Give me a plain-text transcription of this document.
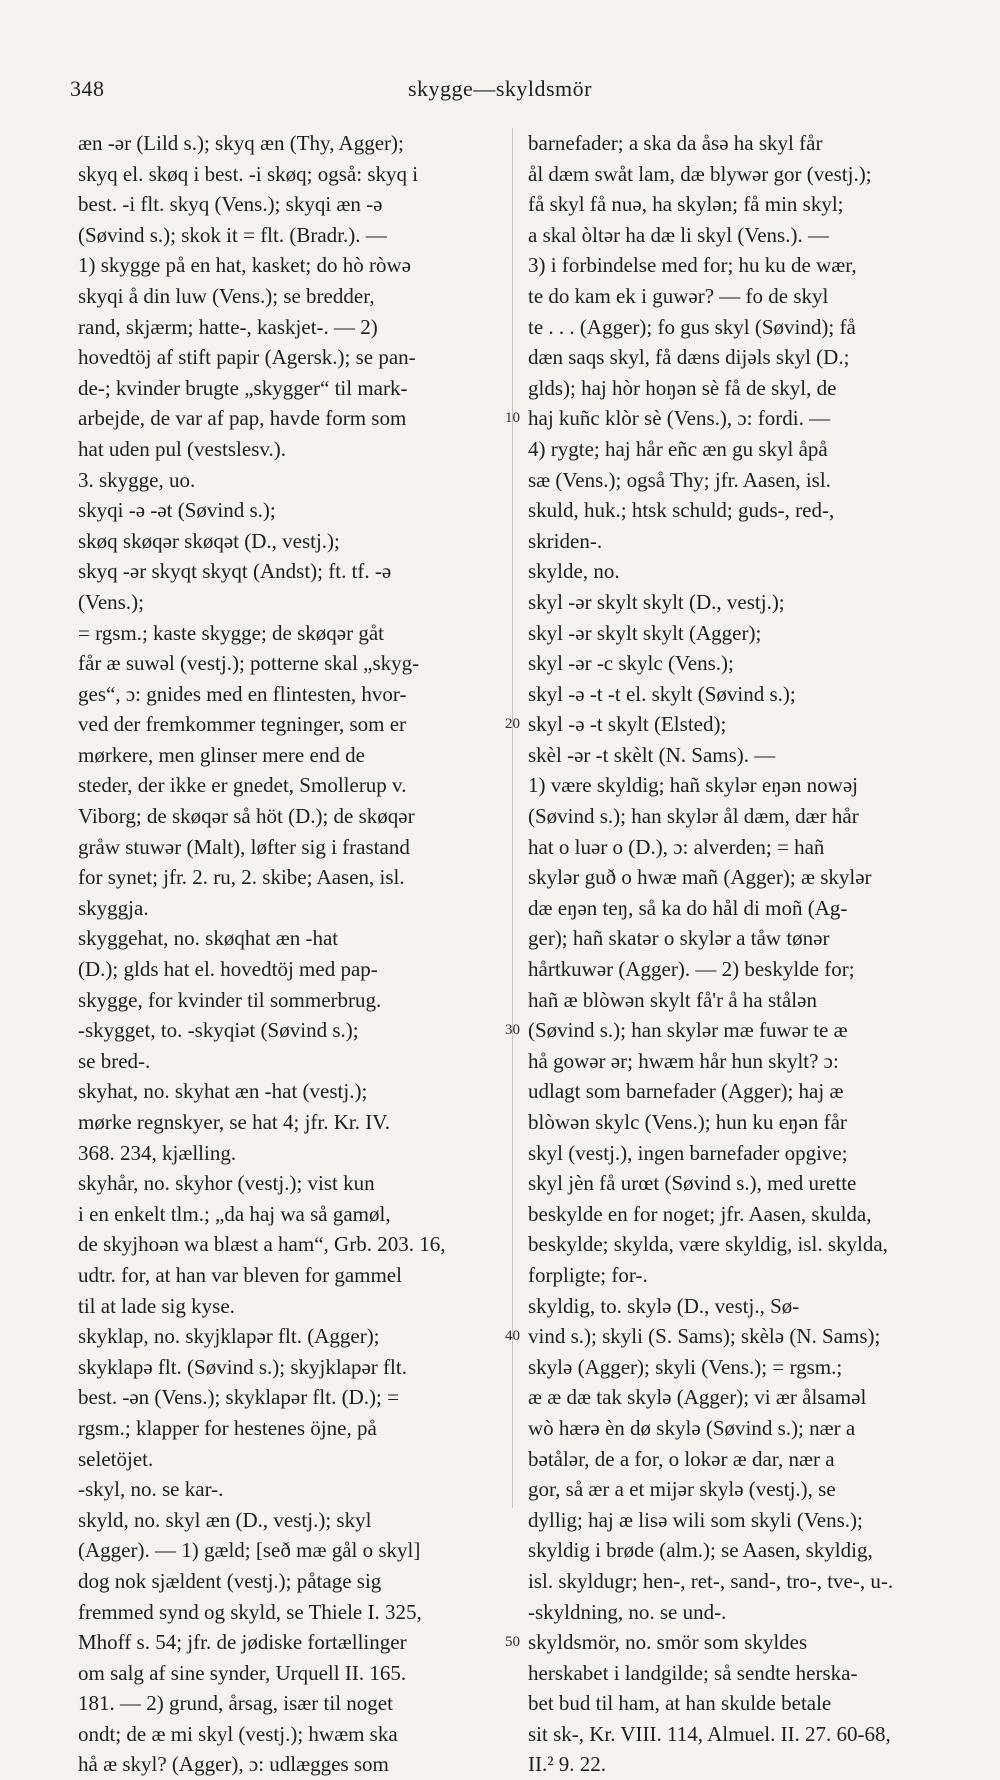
348	skygge—skyldsmör
æn -ər (Lild s.); skyq æn (Thy, Agger);
skyq el. skøq i best. -i skøq; også: skyq i
best. -i flt. skyq (Vens.); skyqi æn -ə
(Søvind s.); skok it = flt. (Bradr.). —
1) skygge på en hat, kasket; do hò ròwə
skyqi å din luw (Vens.); se bredder,
rand, skjærm; hatte-, kaskjet-. — 2)
hovedtöj af stift papir (Agersk.); se pan-
de-; kvinder brugte „skygger“ til mark-
arbejde, de var af pap, havde form som
hat uden pul (vestslesv.).
3. skygge, uo.
skyqi -ə -ət (Søvind s.);
skøq skøqər skøqət (D., vestj.);
skyq -ər skyqt skyqt (Andst); ft. tf. -ə
(Vens.);
= rgsm.; kaste skygge; de skøqər gåt
får æ suwəl (vestj.); potterne skal „skyg-
ges“, ɔ: gnides med en flintesten, hvor-
ved der fremkommer tegninger, som er
mørkere, men glinser mere end de
steder, der ikke er gnedet, Smollerup v.
Viborg; de skøqər så höt (D.); de skøqər
gråw stuwər (Malt), løfter sig i frastand
for synet; jfr. 2. ru, 2. skibe; Aasen, isl.
skyggja.
skyggehat, no. skøqhat æn -hat
(D.); glds hat el. hovedtöj med pap-
skygge, for kvinder til sommerbrug.
-skygget, to. -skyqiət (Søvind s.);
se bred-.
skyhat, no. skyhat æn -hat (vestj.);
mørke regnskyer, se hat 4; jfr. Kr. IV.
368. 234, kjælling.
skyhår, no. skyhor (vestj.); vist kun
i en enkelt tlm.; „da haj wa så gamøl,
de skyjhoən wa blæst a ham“, Grb. 203. 16,
udtr. for, at han var bleven for gammel
til at lade sig kyse.
skyklap, no. skyjklapər flt. (Agger);
skyklapə flt. (Søvind s.); skyjklapər flt.
best. -ən (Vens.); skyklapər flt. (D.); =
rgsm.; klapper for hestenes öjne, på
seletöjet.
-skyl, no. se kar-.
skyld, no. skyl æn (D., vestj.); skyl
(Agger). — 1) gæld; [seð mæ gål o skyl]
dog nok sjældent (vestj.); påtage sig
fremmed synd og skyld, se Thiele I. 325,
Mhoff s. 54; jfr. de jødiske fortællinger
om salg af sine synder, Urquell II. 165.
181. — 2) grund, årsag, især til noget
ondt; de æ mi skyl (vestj.); hwæm ska
hå æ skyl? (Agger), ɔ: udlægges som
10
20
30
40
50
barnefader; a ska da åsə ha skyl får
ål dæm swåt lam, dæ blywər gor (vestj.);
få skyl få nuə, ha skylən; få min skyl;
a skal òltər ha dæ li skyl (Vens.). —
3) i forbindelse med for; hu ku de wær,
te do kam ek i guwər? — fo de skyl
te . . . (Agger); fo gus skyl (Søvind); få
dæn saqs skyl, få dæns dijəls skyl (D.;
glds); haj hòr hoŋən sè få de skyl, de
haj kuñc klòr sè (Vens.), ɔ: fordi. —
4) rygte; haj hår eñc æn gu skyl åpå
sæ (Vens.); også Thy; jfr. Aasen, isl.
skuld, huk.; htsk schuld; guds-, red-,
skriden-.
skylde, no.
skyl -ər skylt skylt (D., vestj.);
skyl -ər skylt skylt (Agger);
skyl -ər -c skylc (Vens.);
skyl -ə -t -t el. skylt (Søvind s.);
skyl -ə -t skylt (Elsted);
skèl -ər -t skèlt (N. Sams). —
1) være skyldig; hañ skylər eŋən nowəj
(Søvind s.); han skylər ål dæm, dær hår
hat o luər o (D.), ɔ: alverden; = hañ
skylər guð o hwæ mañ (Agger); æ skylər
dæ eŋən teŋ, så ka do hål di moñ (Ag-
ger); hañ skatər o skylər a tåw tønər
hårtkuwər (Agger). — 2) beskylde for;
hañ æ blòwən skylt få'r å ha stålən
(Søvind s.); han skylər mæ fuwər te æ
hå gowər ər; hwæm hår hun skylt? ɔ:
udlagt som barnefader (Agger); haj æ
blòwən skylc (Vens.); hun ku eŋən får
skyl (vestj.), ingen barnefader opgive;
skyl jèn få urœt (Søvind s.), med urette
beskylde en for noget; jfr. Aasen, skulda,
beskylde; skylda, være skyldig, isl. skylda,
forpligte; for-.
skyldig, to. skylə (D., vestj., Sø-
vind s.); skyli (S. Sams); skèlə (N. Sams);
skylə (Agger); skyli (Vens.); = rgsm.;
æ æ dæ tak skylə (Agger); vi ær ålsaməl
wò hærə èn dø skylə (Søvind s.); nær a
bətålər, de a for, o lokər æ dar, nær a
gor, så ær a et mijər skylə (vestj.), se
dyllig; haj æ lisə wili som skyli (Vens.);
skyldig i brøde (alm.); se Aasen, skyldig,
isl. skyldugr; hen-, ret-, sand-, tro-, tve-, u-.
-skyldning, no. se und-.
skyldsmör, no. smör som skyldes
herskabet i landgilde; så sendte herska-
bet bud til ham, at han skulde betale
sit sk-, Kr. VIII. 114, Almuel. II. 27. 60-68,
II.² 9. 22.
